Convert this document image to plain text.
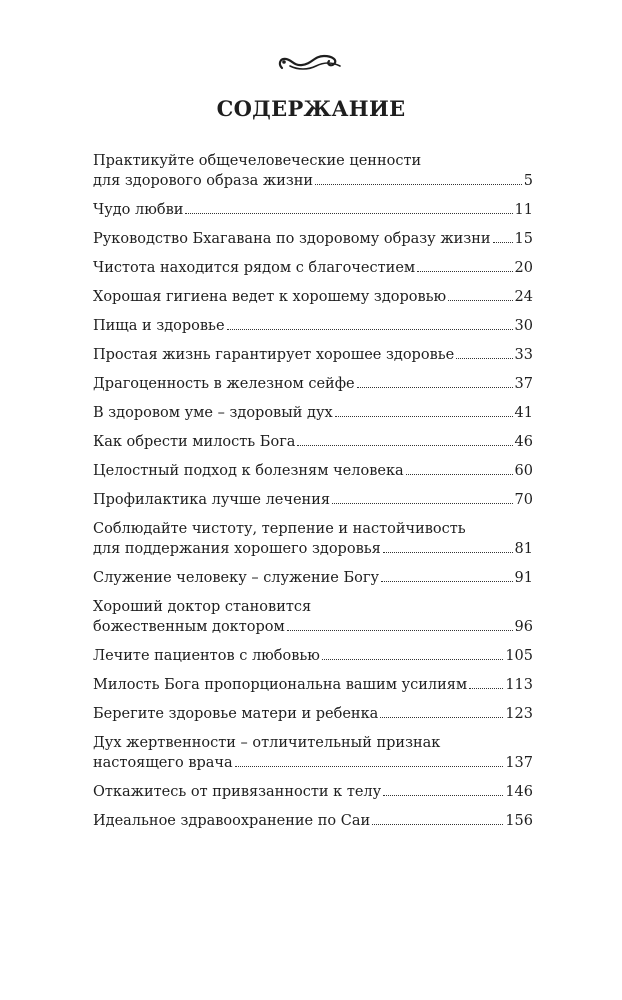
СОДЕРЖАНИЕ
Практикуйте общечеловеческие ценности
для здорового образа жизни	5
Чудо любви	11
Руководство Бхагавана по здоровому образу жизни 15
Чистота находится рядом с благочестием	20
Хорошая гигиена ведет к хорошему здоровью	24
Пища и здоровье	30
Простая жизнь гарантирует хорошее здоровье	33
Драгоценность в железном сейфе	37
В здоровом уме – здоровый дух	41
Как обрести милость Бога	46
Целостный подход к болезням человека	60
Профилактика лучше лечения	70
Соблюдайте чистоту, терпение и настойчивость
для поддержания хорошего здоровья	81
Служение человеку – служение Богу	91
Хороший доктор становится
божественным доктором	96
Лечите пациентов с любовью	105
Милость Бога пропорциональна вашим усилиям	113
Берегите здоровье матери и ребенка	123
Дух жертвенности – отличительный признак
настоящего врача	137
Откажитесь от привязанности к телу	146
Идеальное здравоохранение по Саи	156
